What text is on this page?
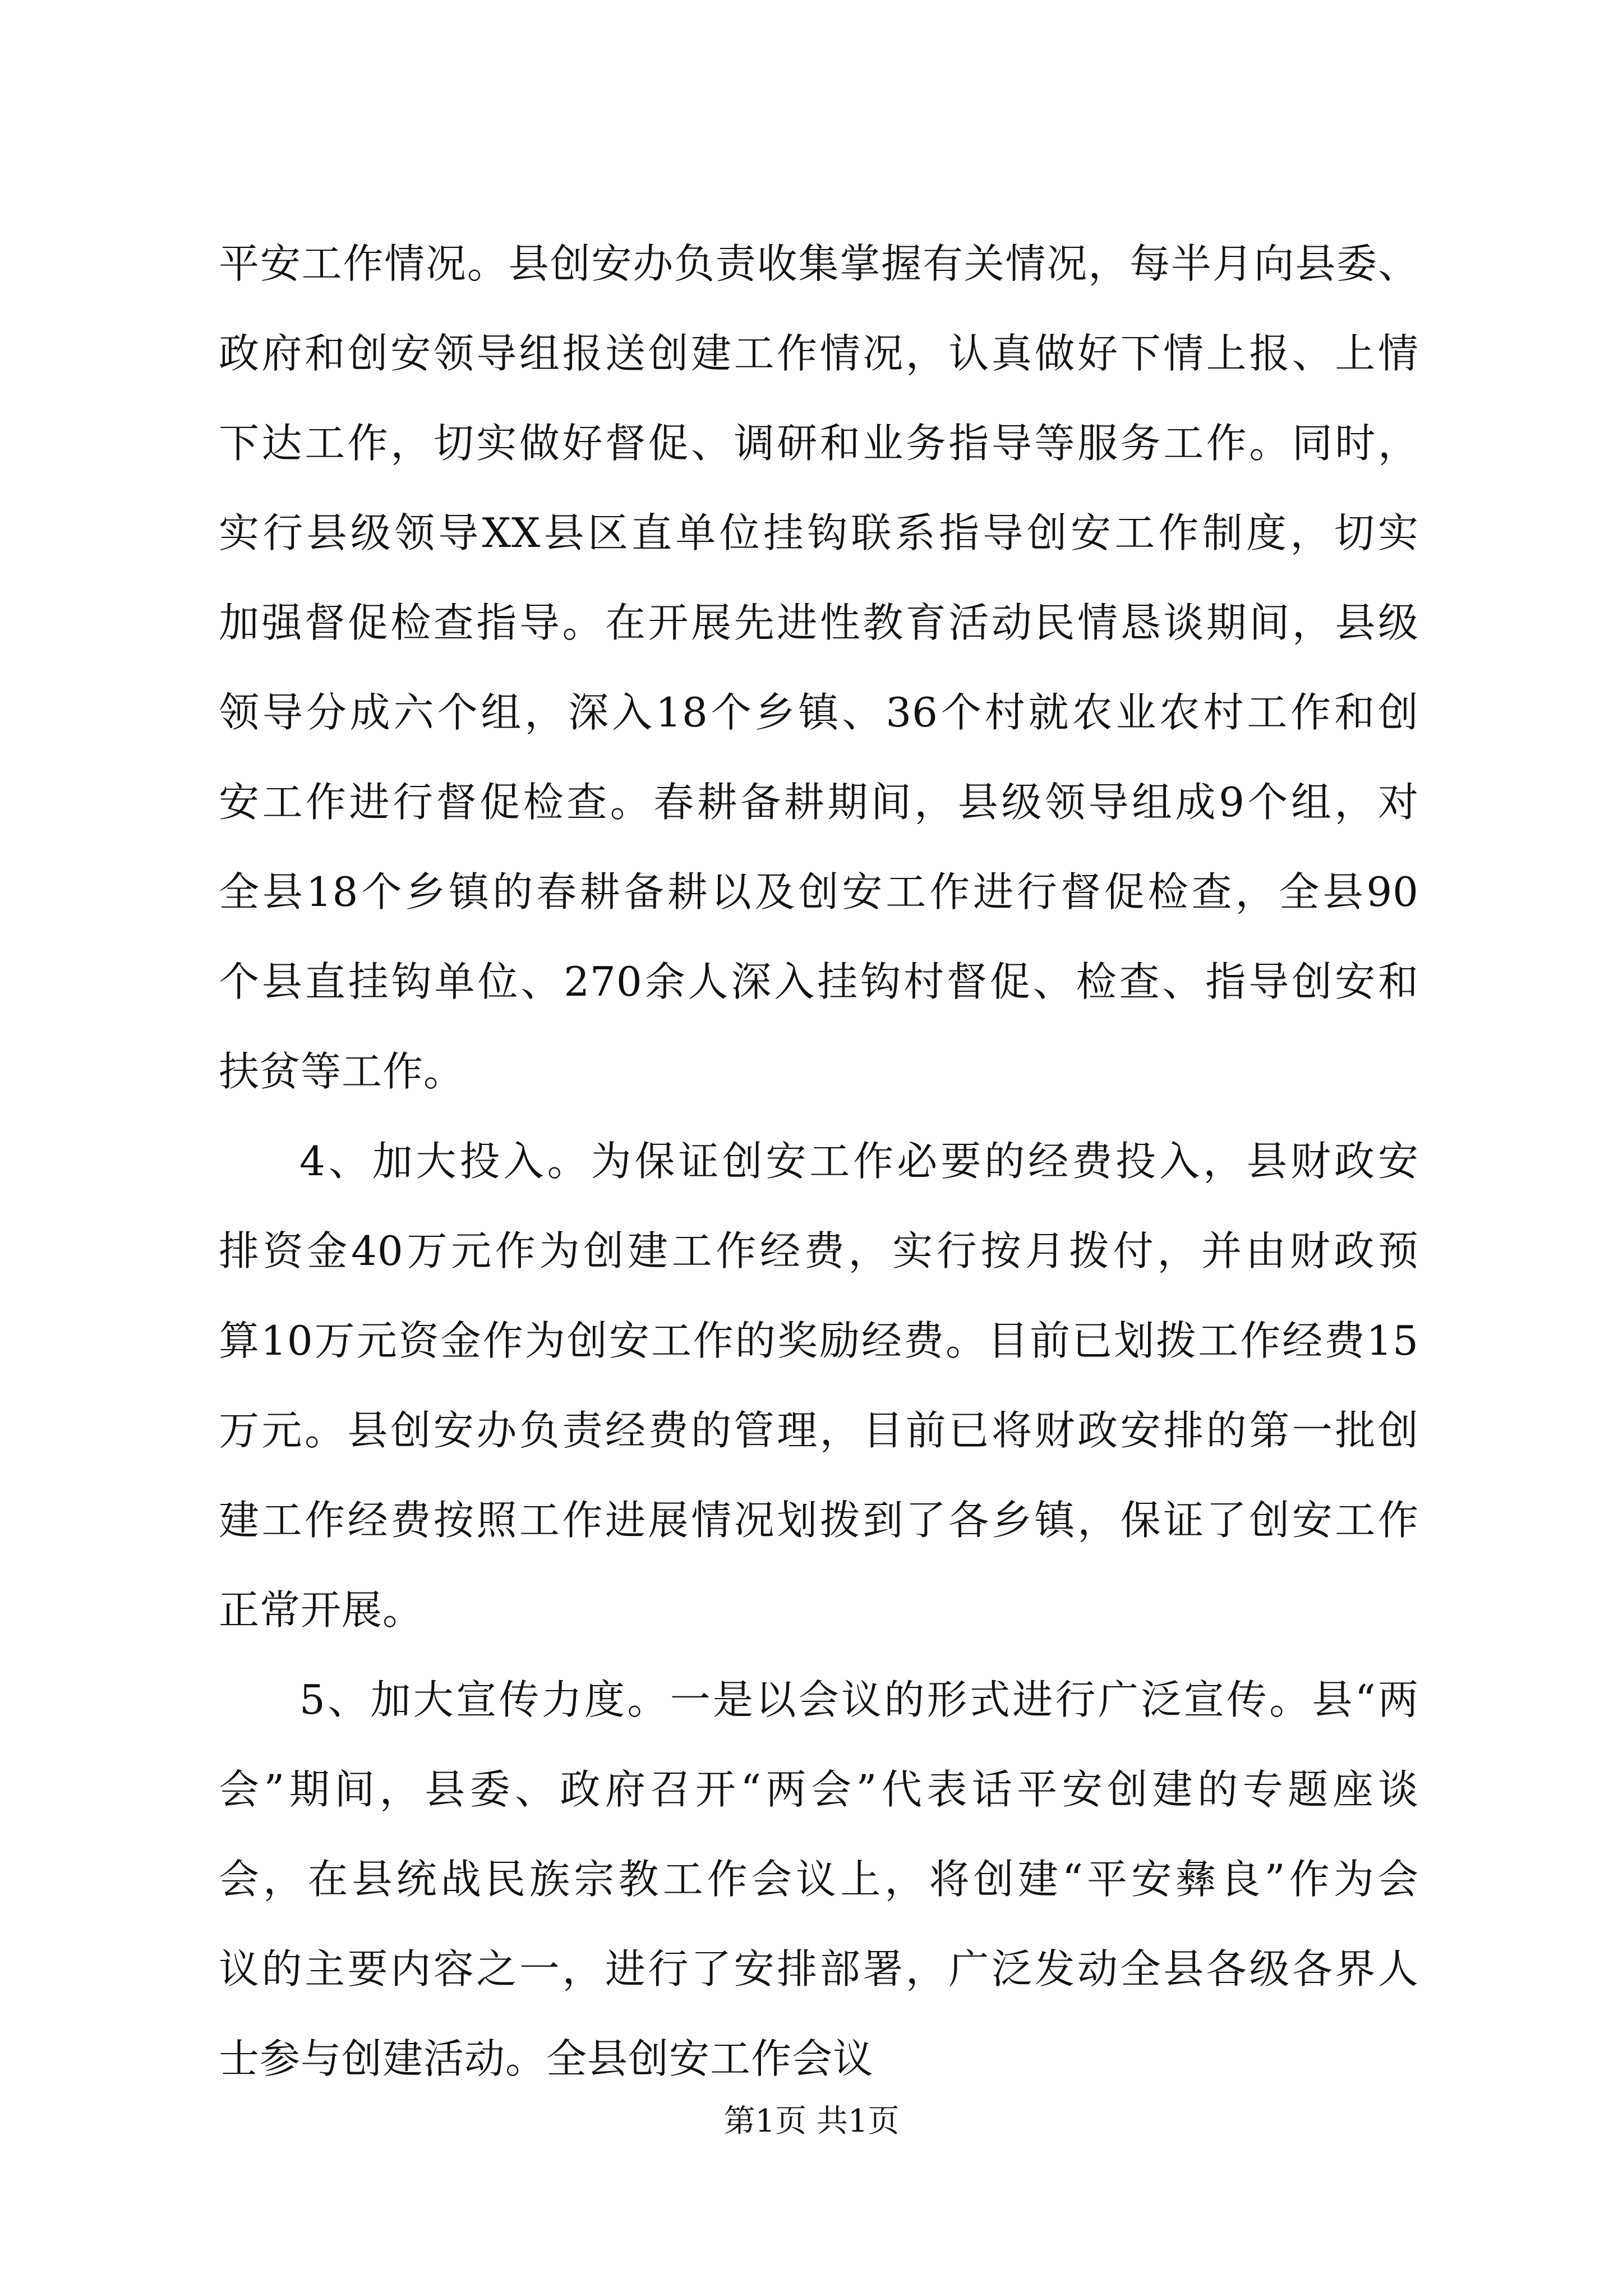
平安工作情况。县创安办负责收集掌握有关情况，每半月向县委、
政府和创安领导组报送创建工作情况，认真做好下情上报、上情
下达工作，切实做好督促、调研和业务指导等服务工作。同时，
实行县级领导XX县区直单位挂钩联系指导创安工作制度，切实
加强督促检查指导。在开展先进性教育活动民情恳谈期间，县级
领导分成六个组，深入18个乡镇、36个村就农业农村工作和创
安工作进行督促检查。春耕备耕期间，县级领导组成9个组，对
全县18个乡镇的春耕备耕以及创安工作进行督促检查，全县90
个县直挂钩单位、270余人深入挂钩村督促、检查、指导创安和
扶贫等工作。
4、加大投入。为保证创安工作必要的经费投入，县财政安
排资金40万元作为创建工作经费，实行按月拨付，并由财政预
算10万元资金作为创安工作的奖励经费。目前已划拨工作经费15
万元。县创安办负责经费的管理，目前已将财政安排的第一批创
建工作经费按照工作进展情况划拨到了各乡镇，保证了创安工作
正常开展。
5、加大宣传力度。一是以会议的形式进行广泛宣传。县“两
会”期间，县委、政府召开“两会”代表话平安创建的专题座谈
会，在县统战民族宗教工作会议上，将创建“平安彝良”作为会
议的主要内容之一，进行了安排部署，广泛发动全县各级各界人
士参与创建活动。全县创安工作会议
第1页 共1页
